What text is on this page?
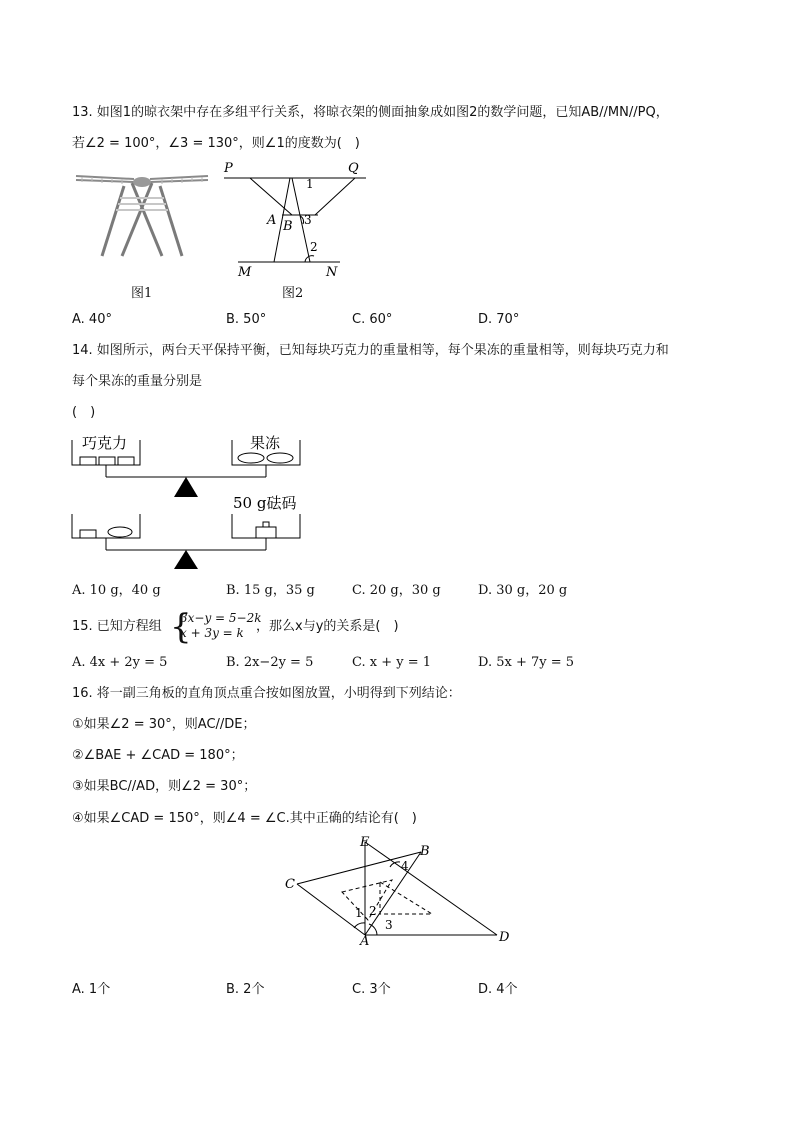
13. 如图1的晾衣架中存在多组平行关系，将晾衣架的侧面抽象成如图2的数学问题，已知AB//MN//PQ，
若∠2 = 100°，∠3 = 130°，则∠1的度数为(　)
图1
P	Q
1
A B 3
2
M	N
图2
A. 40°	B. 50°	C. 60°	D. 70°
14. 如图所示，两台天平保持平衡，已知每块巧克力的重量相等，每个果冻的重量相等，则每块巧克力和
每个果冻的重量分别是
(　)
巧克力	果冻
50 g砝码
A. 10 g，40 g	B. 15 g，35 g	C. 20 g，30 g	D. 30 g，20 g
15. 已知方程组 {
3x−y = 5−2k
x + 3y = k ，那么x与y的关系是(　)
A. 4x + 2y = 5	B. 2x−2y = 5	C. x + y = 1	D. 5x + 7y = 5
16. 将一副三角板的直角顶点重合按如图放置，小明得到下列结论：
①如果∠2 = 30°，则AC//DE；
②∠BAE + ∠CAD = 180°；
③如果BC//AD，则∠2 = 30°；
④如果∠CAD = 150°，则∠4 = ∠C.其中正确的结论有(　)
E
B
C
A	D
1 2
3
4
A. 1个	B. 2个	C. 3个	D. 4个
